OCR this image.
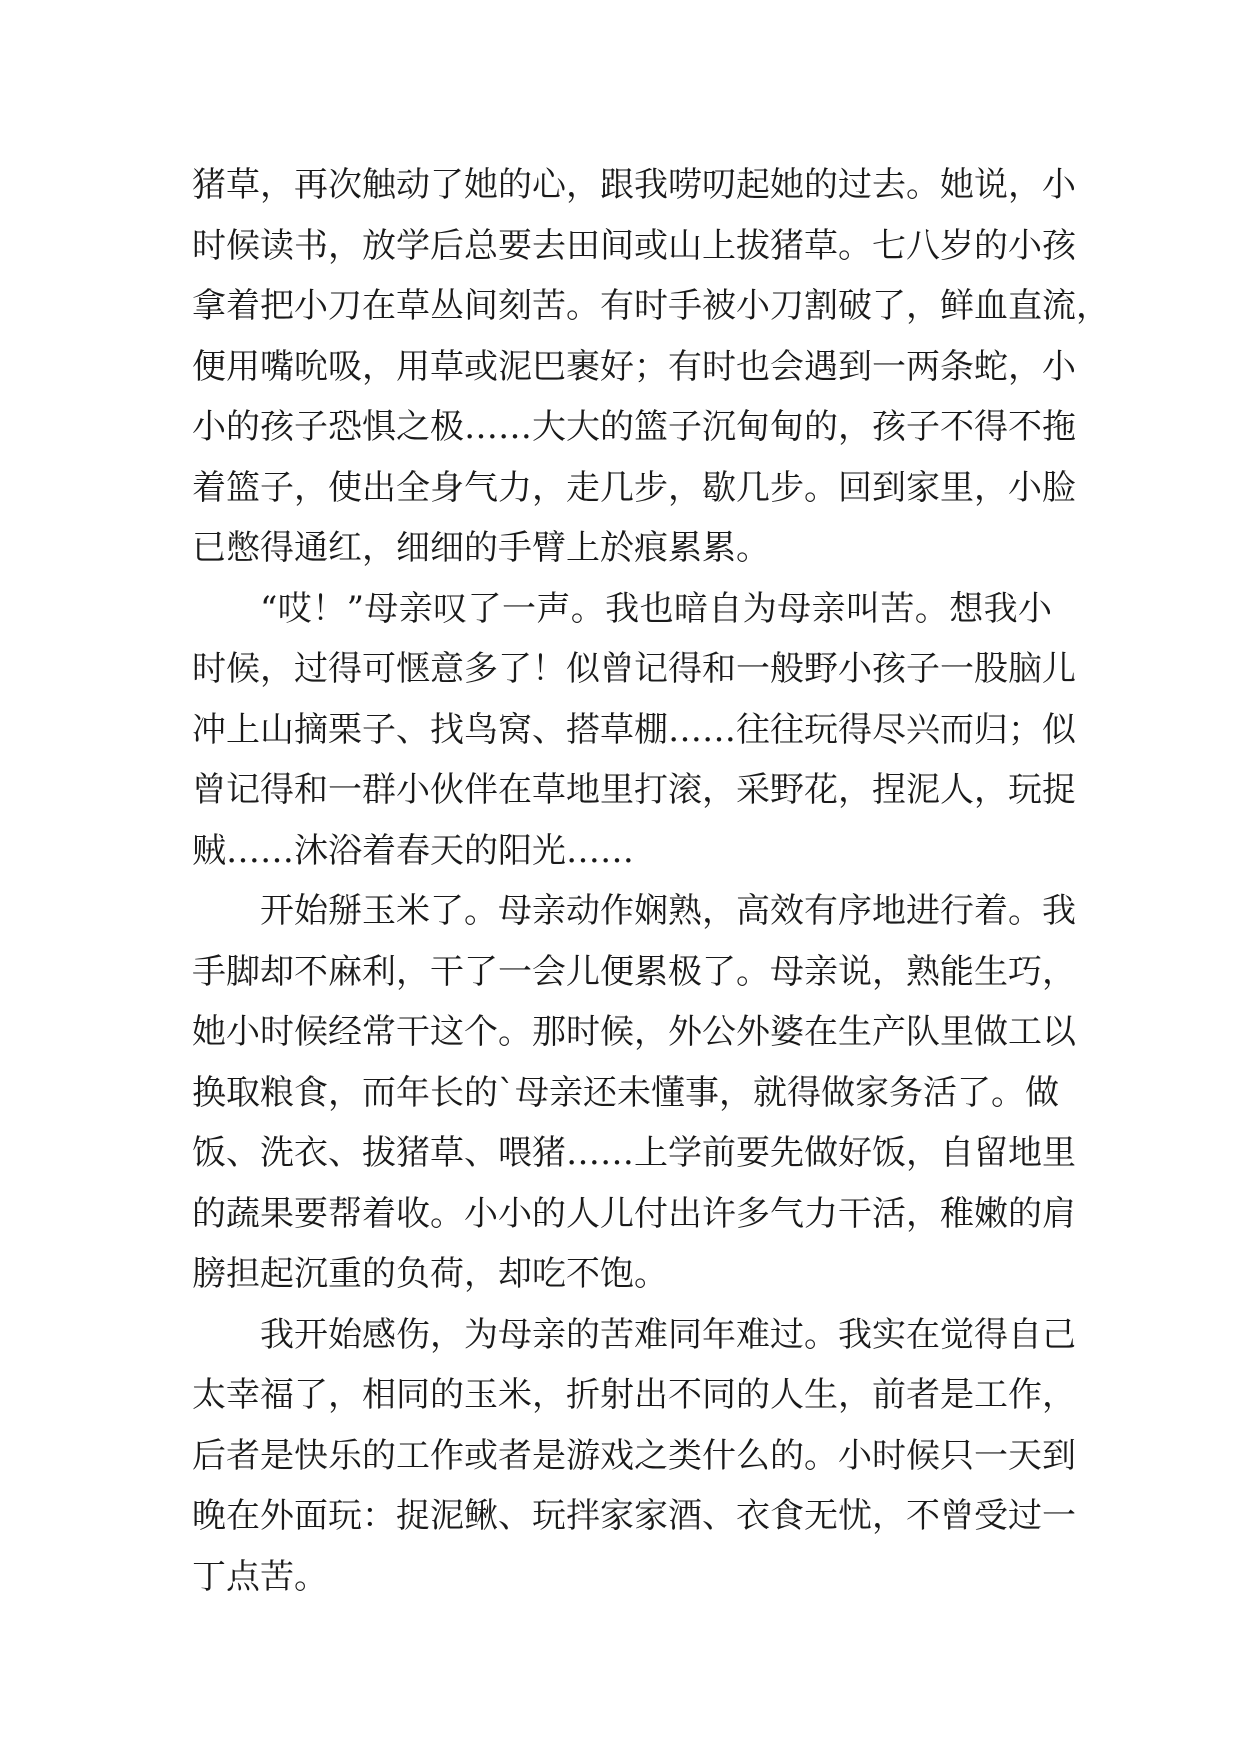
猪草，再次触动了她的心，跟我唠叨起她的过去。她说，小
时候读书，放学后总要去田间或山上拔猪草。七八岁的小孩
拿着把小刀在草丛间刻苦。有时手被小刀割破了，鲜血直流，
便用嘴吮吸，用草或泥巴裹好；有时也会遇到一两条蛇，小
小的孩子恐惧之极……大大的篮子沉甸甸的，孩子不得不拖
着篮子，使出全身气力，走几步，歇几步。回到家里，小脸
已憋得通红，细细的手臂上於痕累累。
“哎！”母亲叹了一声。我也暗自为母亲叫苦。想我小
时候，过得可惬意多了！似曾记得和一般野小孩子一股脑儿
冲上山摘栗子、找鸟窝、搭草棚……往往玩得尽兴而归；似
曾记得和一群小伙伴在草地里打滚，采野花，捏泥人，玩捉
贼……沐浴着春天的阳光……
开始掰玉米了。母亲动作娴熟，高效有序地进行着。我
手脚却不麻利，干了一会儿便累极了。母亲说，熟能生巧，
她小时候经常干这个。那时候，外公外婆在生产队里做工以
换取粮食，而年长的`母亲还未懂事，就得做家务活了。做
饭、洗衣、拔猪草、喂猪……上学前要先做好饭，自留地里
的蔬果要帮着收。小小的人儿付出许多气力干活，稚嫩的肩
膀担起沉重的负荷，却吃不饱。
我开始感伤，为母亲的苦难同年难过。我实在觉得自己
太幸福了，相同的玉米，折射出不同的人生，前者是工作，
后者是快乐的工作或者是游戏之类什么的。小时候只一天到
晚在外面玩：捉泥鳅、玩拌家家酒、衣食无忧，不曾受过一
丁点苦。
